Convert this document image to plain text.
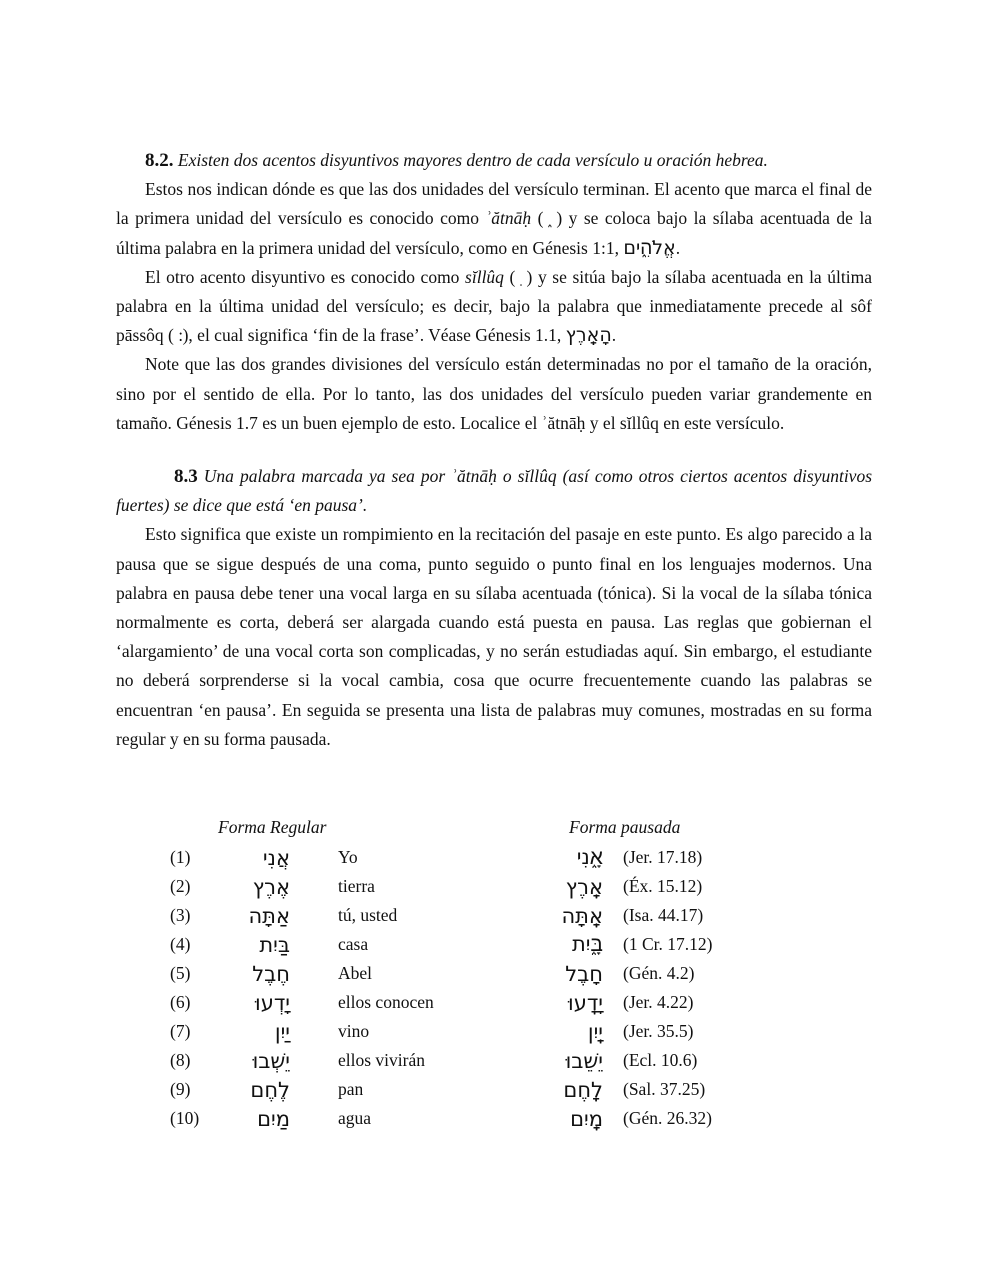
8.2. Existen dos acentos disyuntivos mayores dentro de cada versículo u oración hebrea.

Estos nos indican dónde es que las dos unidades del versículo terminan. El acento que marca el final de la primera unidad del versículo es conocido como ʾătnāḥ ( ֑ ) y se coloca bajo la sílaba acentuada de la última palabra en la primera unidad del versículo, como en Génesis 1:1, אֱלֹהִ֑ים.

El otro acento disyuntivo es conocido como sĭllûq ( ֽ ) y se sitúa bajo la sílaba acentuada en la última palabra en la última unidad del versículo; es decir, bajo la palabra que inmediatamente precede al sôf pāssôq ( ), el cual significa ‘fin de la frase’. Véase Génesis 1.1, הָאָֽרֶץ.

Note que las dos grandes divisiones del versículo están determinadas no por el tamaño de la oración, sino por el sentido de ella. Por lo tanto, las dos unidades del versículo pueden variar grandemente en tamaño. Génesis 1.7 es un buen ejemplo de esto. Localice el ʾătnāḥ y el sĭllûq en este versículo.

8.3 Una palabra marcada ya sea por ʾătnāḥ o sĭllûq (así como otros ciertos acentos disyuntivos fuertes) se dice que está ‘en pausa’.

Esto significa que existe un rompimiento en la recitación del pasaje en este punto. Es algo parecido a la pausa que se sigue después de una coma, punto seguido o punto final en los lenguajes modernos. Una palabra en pausa debe tener una vocal larga en su sílaba acentuada (tónica). Si la vocal de la sílaba tónica normalmente es corta, deberá ser alargada cuando está puesta en pausa. Las reglas que gobiernan el ‘alargamiento’ de una vocal corta son complicadas, y no serán estudiadas aquí. Sin embargo, el estudiante no deberá sorprenderse si la vocal cambia, cosa que ocurre frecuentemente cuando las palabras se encuentran ‘en pausa’. En seguida se presenta una lista de palabras muy comunes, mostradas en su forma regular y en su forma pausada.

Forma Regular			Forma pausada	
(1)	אֲנִי	Yo	אָ֑נִי	(Jer. 17.18)
(2)	אֶרֶץ	tierra	אָֽרֶץ	(Éx. 15.12)
(3)	אַתָּה	tú, usted	אָֽתָּה	(Isa. 44.17)
(4)	בַּיִת	casa	בָּ֑יִת	(1 Cr. 17.12)
(5)	חֶבֶל	Abel	חָבֶל	(Gén. 4.2)
(6)	יָדְעוּ	ellos conocen	יָדָֽעוּ	(Jer. 4.22)
(7)	יַיִן	vino	יָֽיִן	(Jer. 35.5)
(8)	יֵשְׁבוּ	ellos vivirán	יֵשֵׁבוּ	(Ecl. 10.6)
(9)	לֶחֶם	pan	לָֽחֶם	(Sal. 37.25)
(10)	מַיִם	agua	מָֽיִם	(Gén. 26.32)
